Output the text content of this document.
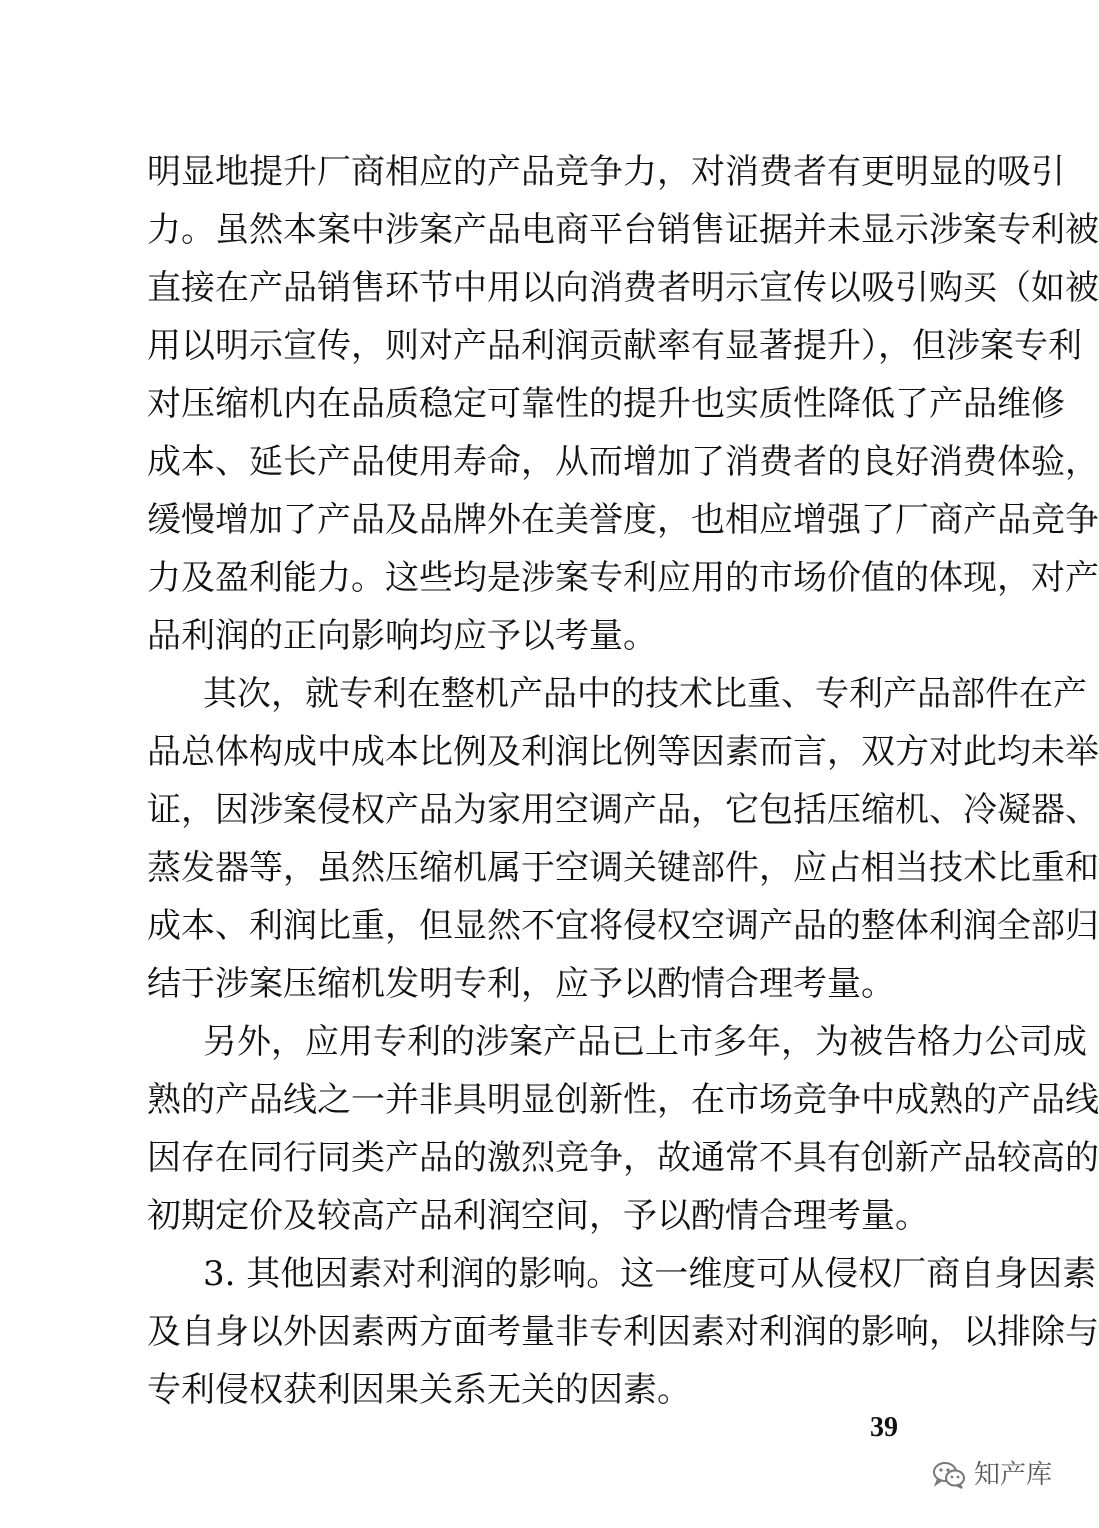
明显地提升厂商相应的产品竞争力，对消费者有更明显的吸引
力。虽然本案中涉案产品电商平台销售证据并未显示涉案专利被
直接在产品销售环节中用以向消费者明示宣传以吸引购买（如被
用以明示宣传，则对产品利润贡献率有显著提升），但涉案专利
对压缩机内在品质稳定可靠性的提升也实质性降低了产品维修
成本、延长产品使用寿命，从而增加了消费者的良好消费体验，
缓慢增加了产品及品牌外在美誉度，也相应增强了厂商产品竞争
力及盈利能力。这些均是涉案专利应用的市场价值的体现，对产
品利润的正向影响均应予以考量。
其次，就专利在整机产品中的技术比重、专利产品部件在产
品总体构成中成本比例及利润比例等因素而言，双方对此均未举
证，因涉案侵权产品为家用空调产品，它包括压缩机、冷凝器、
蒸发器等，虽然压缩机属于空调关键部件，应占相当技术比重和
成本、利润比重，但显然不宜将侵权空调产品的整体利润全部归
结于涉案压缩机发明专利，应予以酌情合理考量。
另外，应用专利的涉案产品已上市多年，为被告格力公司成
熟的产品线之一并非具明显创新性，在市场竞争中成熟的产品线
因存在同行同类产品的激烈竞争，故通常不具有创新产品较高的
初期定价及较高产品利润空间，予以酌情合理考量。
3. 其他因素对利润的影响。这一维度可从侵权厂商自身因素
及自身以外因素两方面考量非专利因素对利润的影响，以排除与
专利侵权获利因果关系无关的因素。
39
知产库
